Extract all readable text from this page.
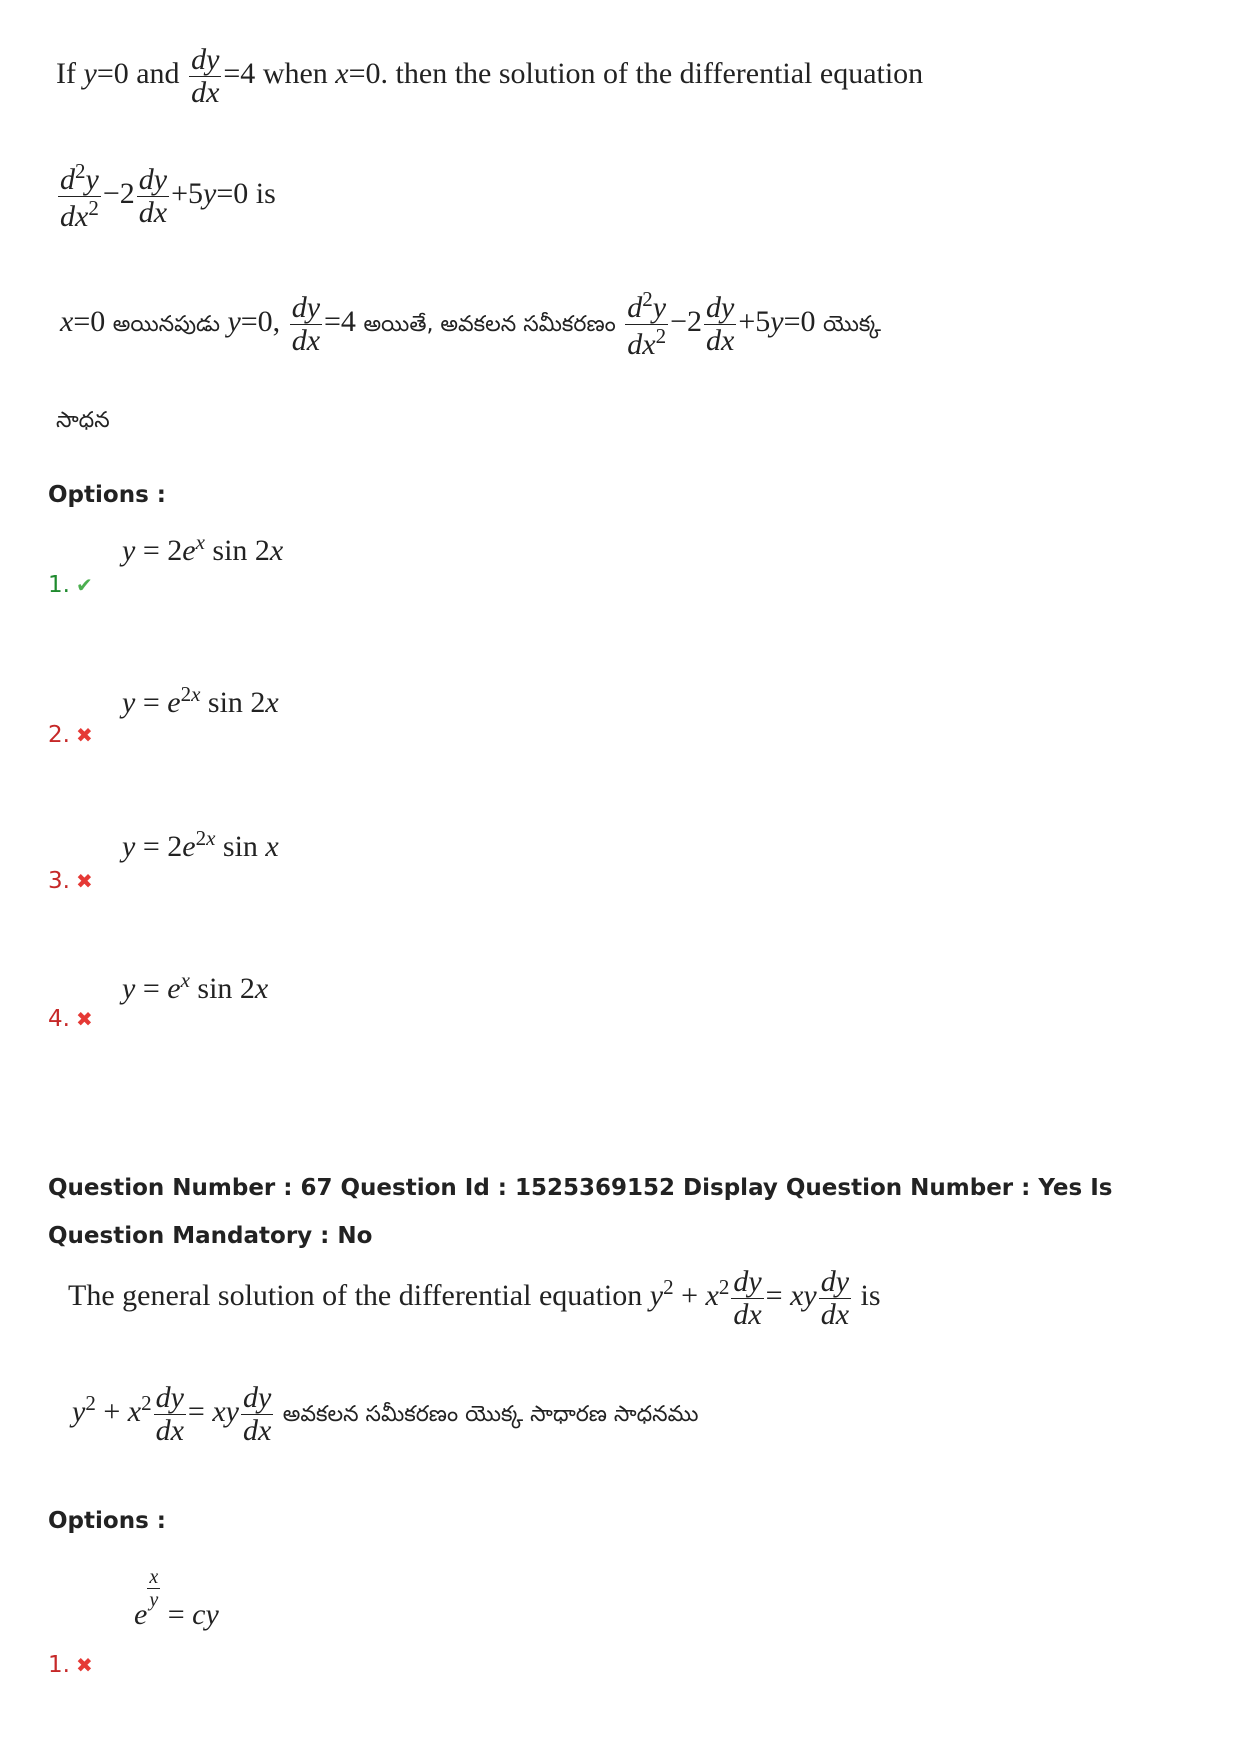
If y=0 and $\frac{dy}{dx} =4$ when x=0. then the solution of the differential equation
$\frac{d^2y}{dx^2} -2 \frac{dy}{dx} +5y=0$ is
x=0 అయినపుడు y=0, $\frac{dy}{dx} =4$ అయితే, అవకలన సమీకరణం $\frac{d^2y}{dx^2} -2 \frac{dy}{dx} +5y=0$ యొక్క
సాధన
Options :
$y = 2e^x$ sin 2x
1. ✔
$y = e^{2x}$ sin 2x
2. ✖
$y = 2e^{2x}$ sin x
3. ✖
$y = e^x$ sin 2x
4. ✖
Question Number : 67 Question Id : 1525369152 Display Question Number : Yes Is Question Mandatory : No
The general solution of the differential equation $y^2 + x^2 \frac{dy}{dx}$ = xy $\frac{dy}{dx}$ is
$y^2 + x^2 \frac{dy}{dx}$ = xy $\frac{dy}{dx}$ అవకలన సమీకరణం యొక్క సాధారణ సాధనము
Options :
e
$\frac{x}{y}$
= cy
1. ✖
